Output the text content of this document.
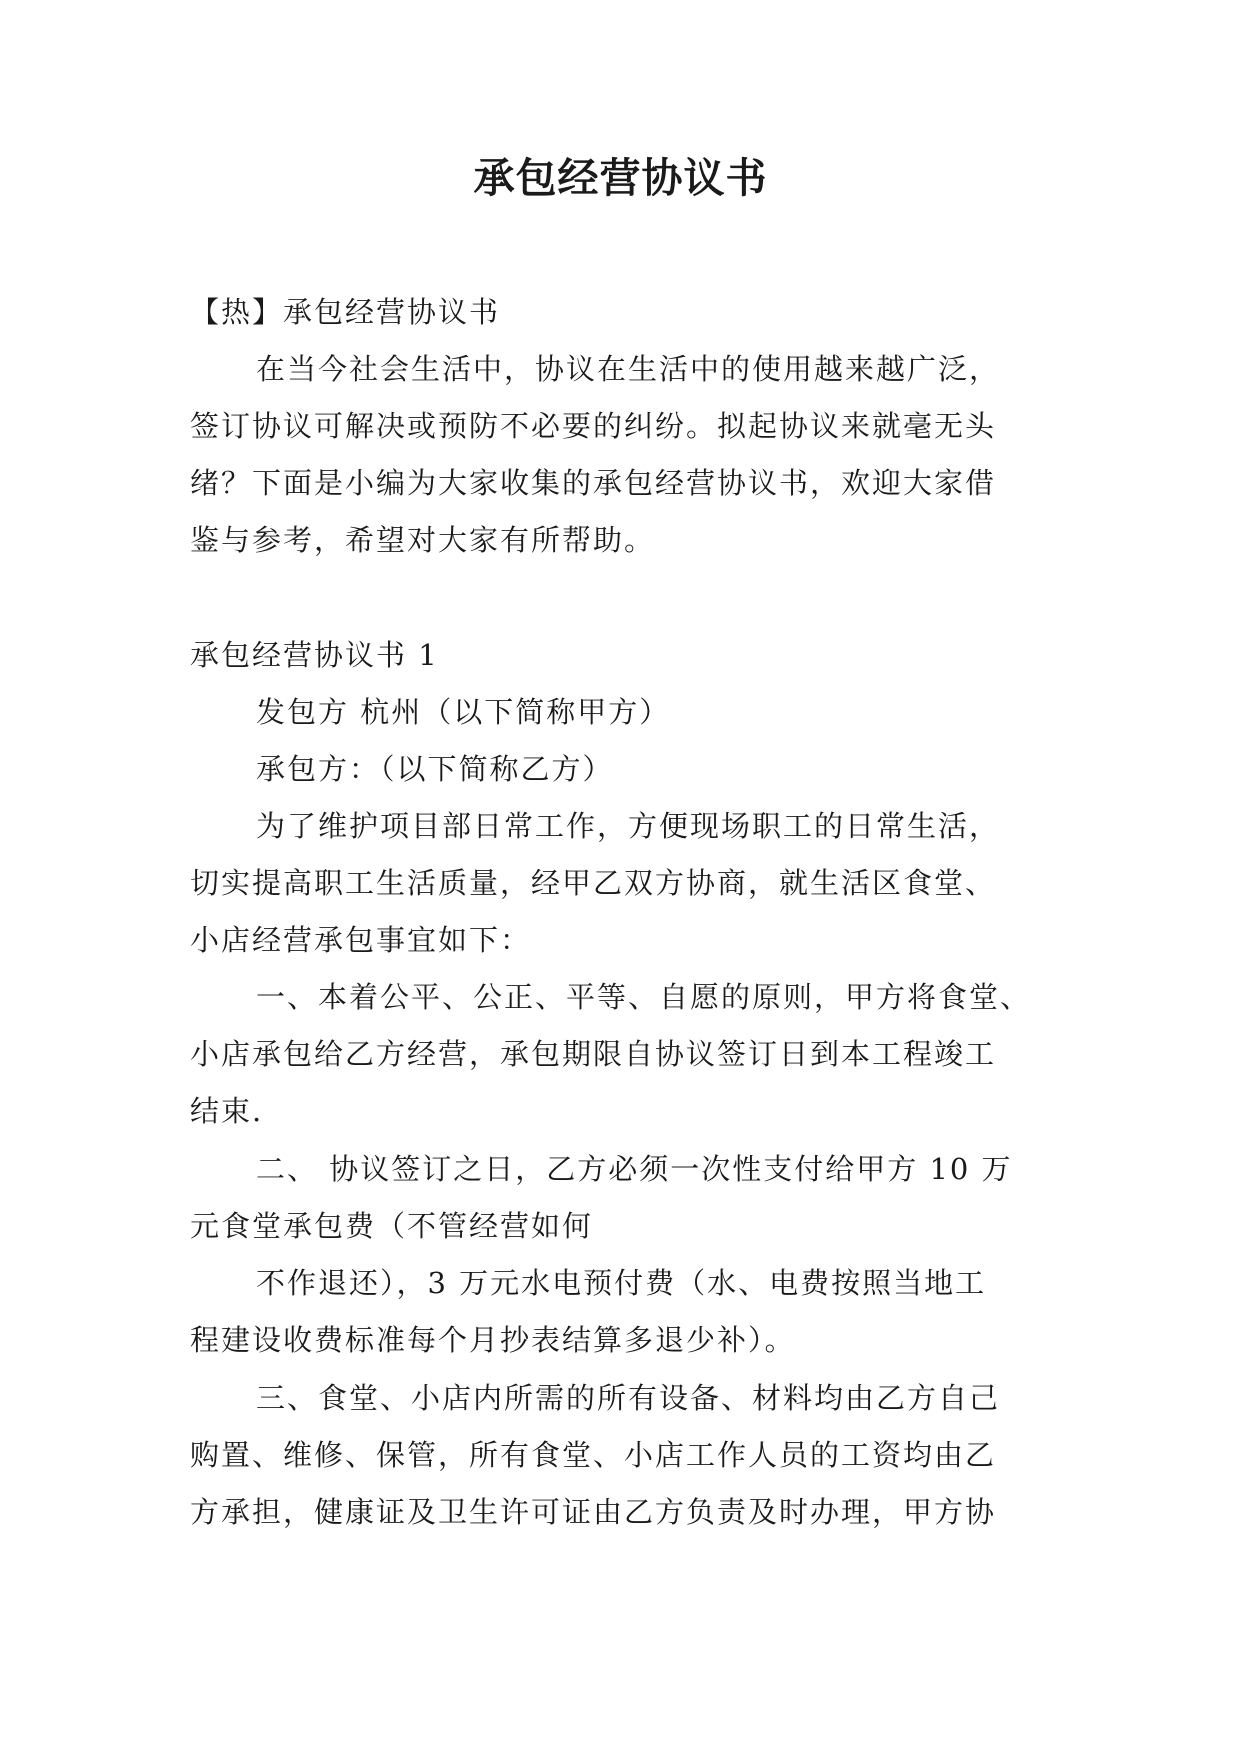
承包经营协议书

【热】承包经营协议书

在当今社会生活中，协议在生活中的使用越来越广泛，

签订协议可解决或预防不必要的纠纷。拟起协议来就毫无头

绪？下面是小编为大家收集的承包经营协议书，欢迎大家借

鉴与参考，希望对大家有所帮助。

承包经营协议书 1

发包方 杭州（以下简称甲方）

承包方：（以下简称乙方）

为了维护项目部日常工作，方便现场职工的日常生活，

切实提高职工生活质量，经甲乙双方协商，就生活区食堂、

小店经营承包事宜如下：

一、本着公平、公正、平等、自愿的原则，甲方将食堂、

小店承包给乙方经营，承包期限自协议签订日到本工程竣工

结束.

二、 协议签订之日，乙方必须一次性支付给甲方 10 万

元食堂承包费（不管经营如何

不作退还），3 万元水电预付费（水、电费按照当地工

程建设收费标准每个月抄表结算多退少补）。

三、食堂、小店内所需的所有设备、材料均由乙方自己

购置、维修、保管，所有食堂、小店工作人员的工资均由乙

方承担，健康证及卫生许可证由乙方负责及时办理，甲方协
